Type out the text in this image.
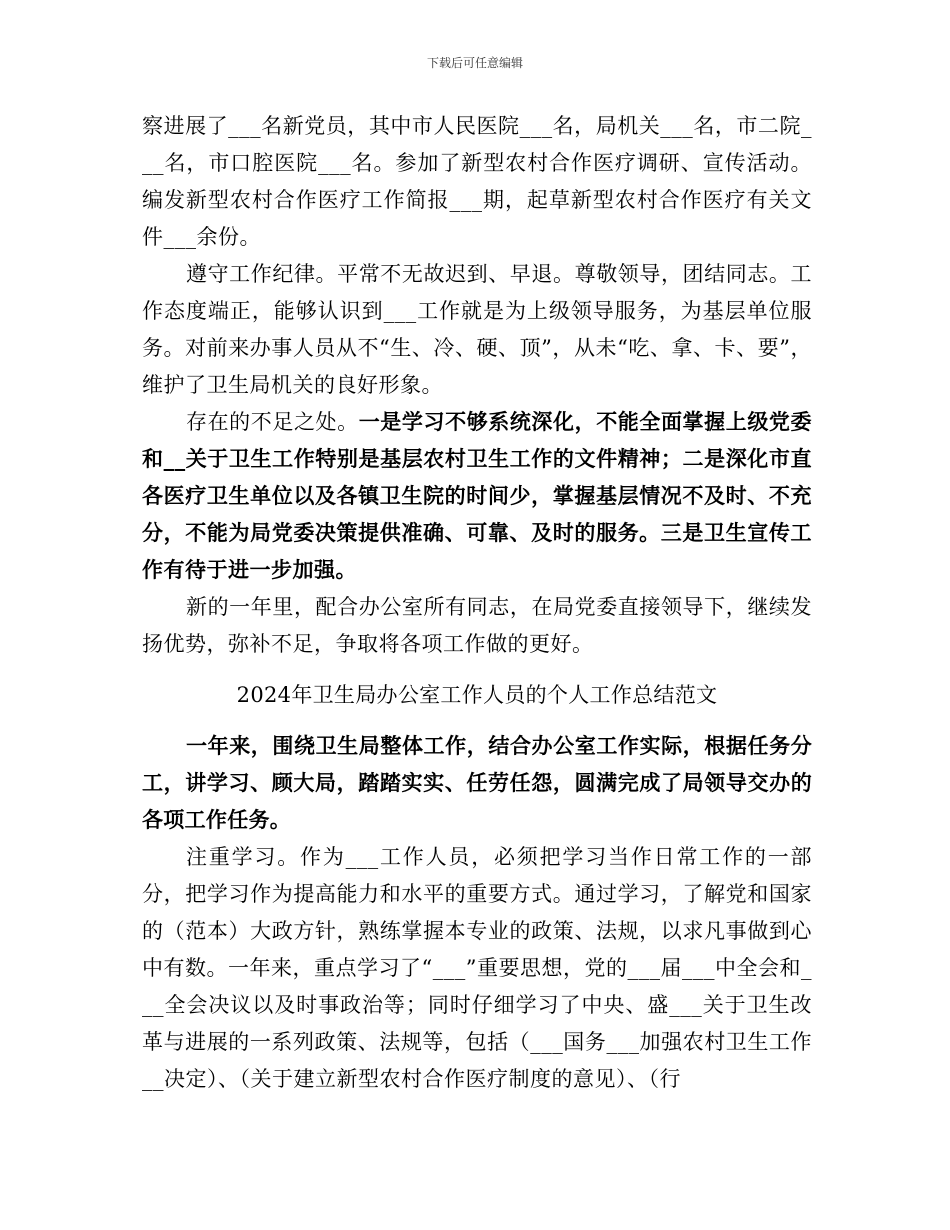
下载后可任意编辑

察进展了___名新党员，其中市人民医院___名，局机关___名，市二院___名，市口腔医院___名。参加了新型农村合作医疗调研、宣传活动。编发新型农村合作医疗工作简报___期，起草新型农村合作医疗有关文件___余份。

遵守工作纪律。平常不无故迟到、早退。尊敬领导，团结同志。工作态度端正，能够认识到___工作就是为上级领导服务，为基层单位服务。对前来办事人员从不“生、冷、硬、顶”，从未“吃、拿、卡、要”，维护了卫生局机关的良好形象。

存在的不足之处。一是学习不够系统深化，不能全面掌握上级党委和__关于卫生工作特别是基层农村卫生工作的文件精神；二是深化市直各医疗卫生单位以及各镇卫生院的时间少，掌握基层情况不及时、不充分，不能为局党委决策提供准确、可靠、及时的服务。三是卫生宣传工作有待于进一步加强。

新的一年里，配合办公室所有同志，在局党委直接领导下，继续发扬优势，弥补不足，争取将各项工作做的更好。

2024年卫生局办公室工作人员的个人工作总结范文

一年来，围绕卫生局整体工作，结合办公室工作实际，根据任务分工，讲学习、顾大局，踏踏实实、任劳任怨，圆满完成了局领导交办的各项工作任务。

注重学习。作为___工作人员，必须把学习当作日常工作的一部分，把学习作为提高能力和水平的重要方式。通过学习，了解党和国家的（范本）大政方针，熟练掌握本专业的政策、法规，以求凡事做到心中有数。一年来，重点学习了“___”重要思想，党的___届___中全会和___全会决议以及时事政治等；同时仔细学习了中央、盛___关于卫生改革与进展的一系列政策、法规等，包括（___国务___加强农村卫生工作__决定）、（关于建立新型农村合作医疗制度的意见）、（行
